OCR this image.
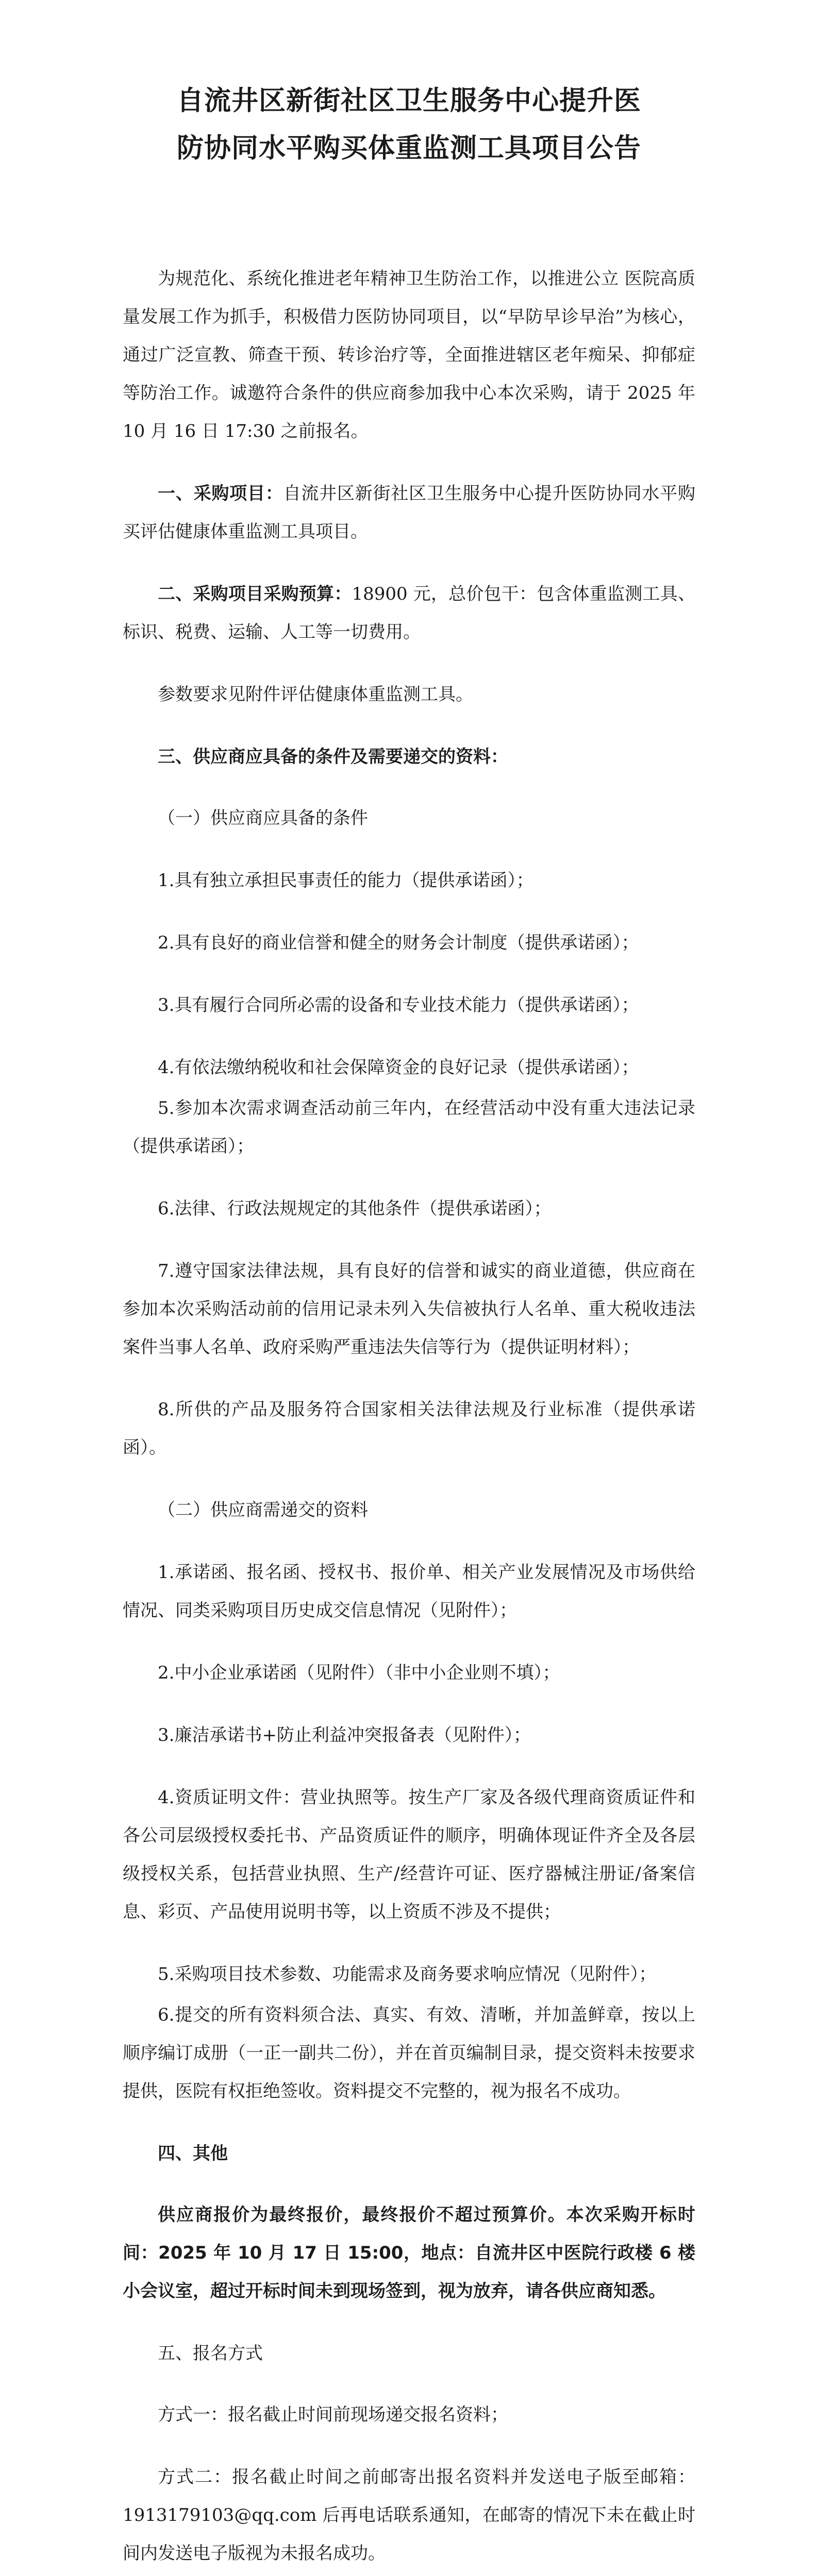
自流井区新街社区卫生服务中心提升医
防协同水平购买体重监测工具项目公告

为规范化、系统化推进老年精神卫生防治工作，以推进公立 医院高质量发展工作为抓手，积极借力医防协同项目，以“早防早诊早治”为核心，通过广泛宣教、筛查干预、转诊治疗等，全面推进辖区老年痴呆、抑郁症等防治工作。诚邀符合条件的供应商参加我中心本次采购，请于 2025 年 10 月 16 日 17:30 之前报名。

一、采购项目：自流井区新街社区卫生服务中心提升医防协同水平购买评估健康体重监测工具项目。

二、采购项目采购预算：18900 元，总价包干：包含体重监测工具、标识、税费、运输、人工等一切费用。

参数要求见附件评估健康体重监测工具。

三、供应商应具备的条件及需要递交的资料：

（一）供应商应具备的条件

1.具有独立承担民事责任的能力（提供承诺函）；

2.具有良好的商业信誉和健全的财务会计制度（提供承诺函）；

3.具有履行合同所必需的设备和专业技术能力（提供承诺函）；

4.有依法缴纳税收和社会保障资金的良好记录（提供承诺函）；

5.参加本次需求调查活动前三年内，在经营活动中没有重大违法记录（提供承诺函）；

6.法律、行政法规规定的其他条件（提供承诺函）；

7.遵守国家法律法规，具有良好的信誉和诚实的商业道德，供应商在参加本次采购活动前的信用记录未列入失信被执行人名单、重大税收违法案件当事人名单、政府采购严重违法失信等行为（提供证明材料）；

8.所供的产品及服务符合国家相关法律法规及行业标准（提供承诺函）。

（二）供应商需递交的资料

1.承诺函、报名函、授权书、报价单、相关产业发展情况及市场供给情况、同类采购项目历史成交信息情况（见附件）；

2.中小企业承诺函（见附件）（非中小企业则不填）；

3.廉洁承诺书+防止利益冲突报备表（见附件）；

4.资质证明文件：营业执照等。按生产厂家及各级代理商资质证件和各公司层级授权委托书、产品资质证件的顺序，明确体现证件齐全及各层级授权关系，包括营业执照、生产/经营许可证、医疗器械注册证/备案信息、彩页、产品使用说明书等，以上资质不涉及不提供；

5.采购项目技术参数、功能需求及商务要求响应情况（见附件）；

6.提交的所有资料须合法、真实、有效、清晰，并加盖鲜章，按以上顺序编订成册（一正一副共二份），并在首页编制目录，提交资料未按要求提供，医院有权拒绝签收。资料提交不完整的，视为报名不成功。

四、其他

供应商报价为最终报价，最终报价不超过预算价。本次采购开标时间：2025 年 10 月 17 日 15:00，地点：自流井区中医院行政楼 6 楼小会议室，超过开标时间未到现场签到，视为放弃，请各供应商知悉。

五、报名方式

方式一：报名截止时间前现场递交报名资料；

方式二：报名截止时间之前邮寄出报名资料并发送电子版至邮箱：1913179103@qq.com 后再电话联系通知，在邮寄的情况下未在截止时间内发送电子版视为未报名成功。
